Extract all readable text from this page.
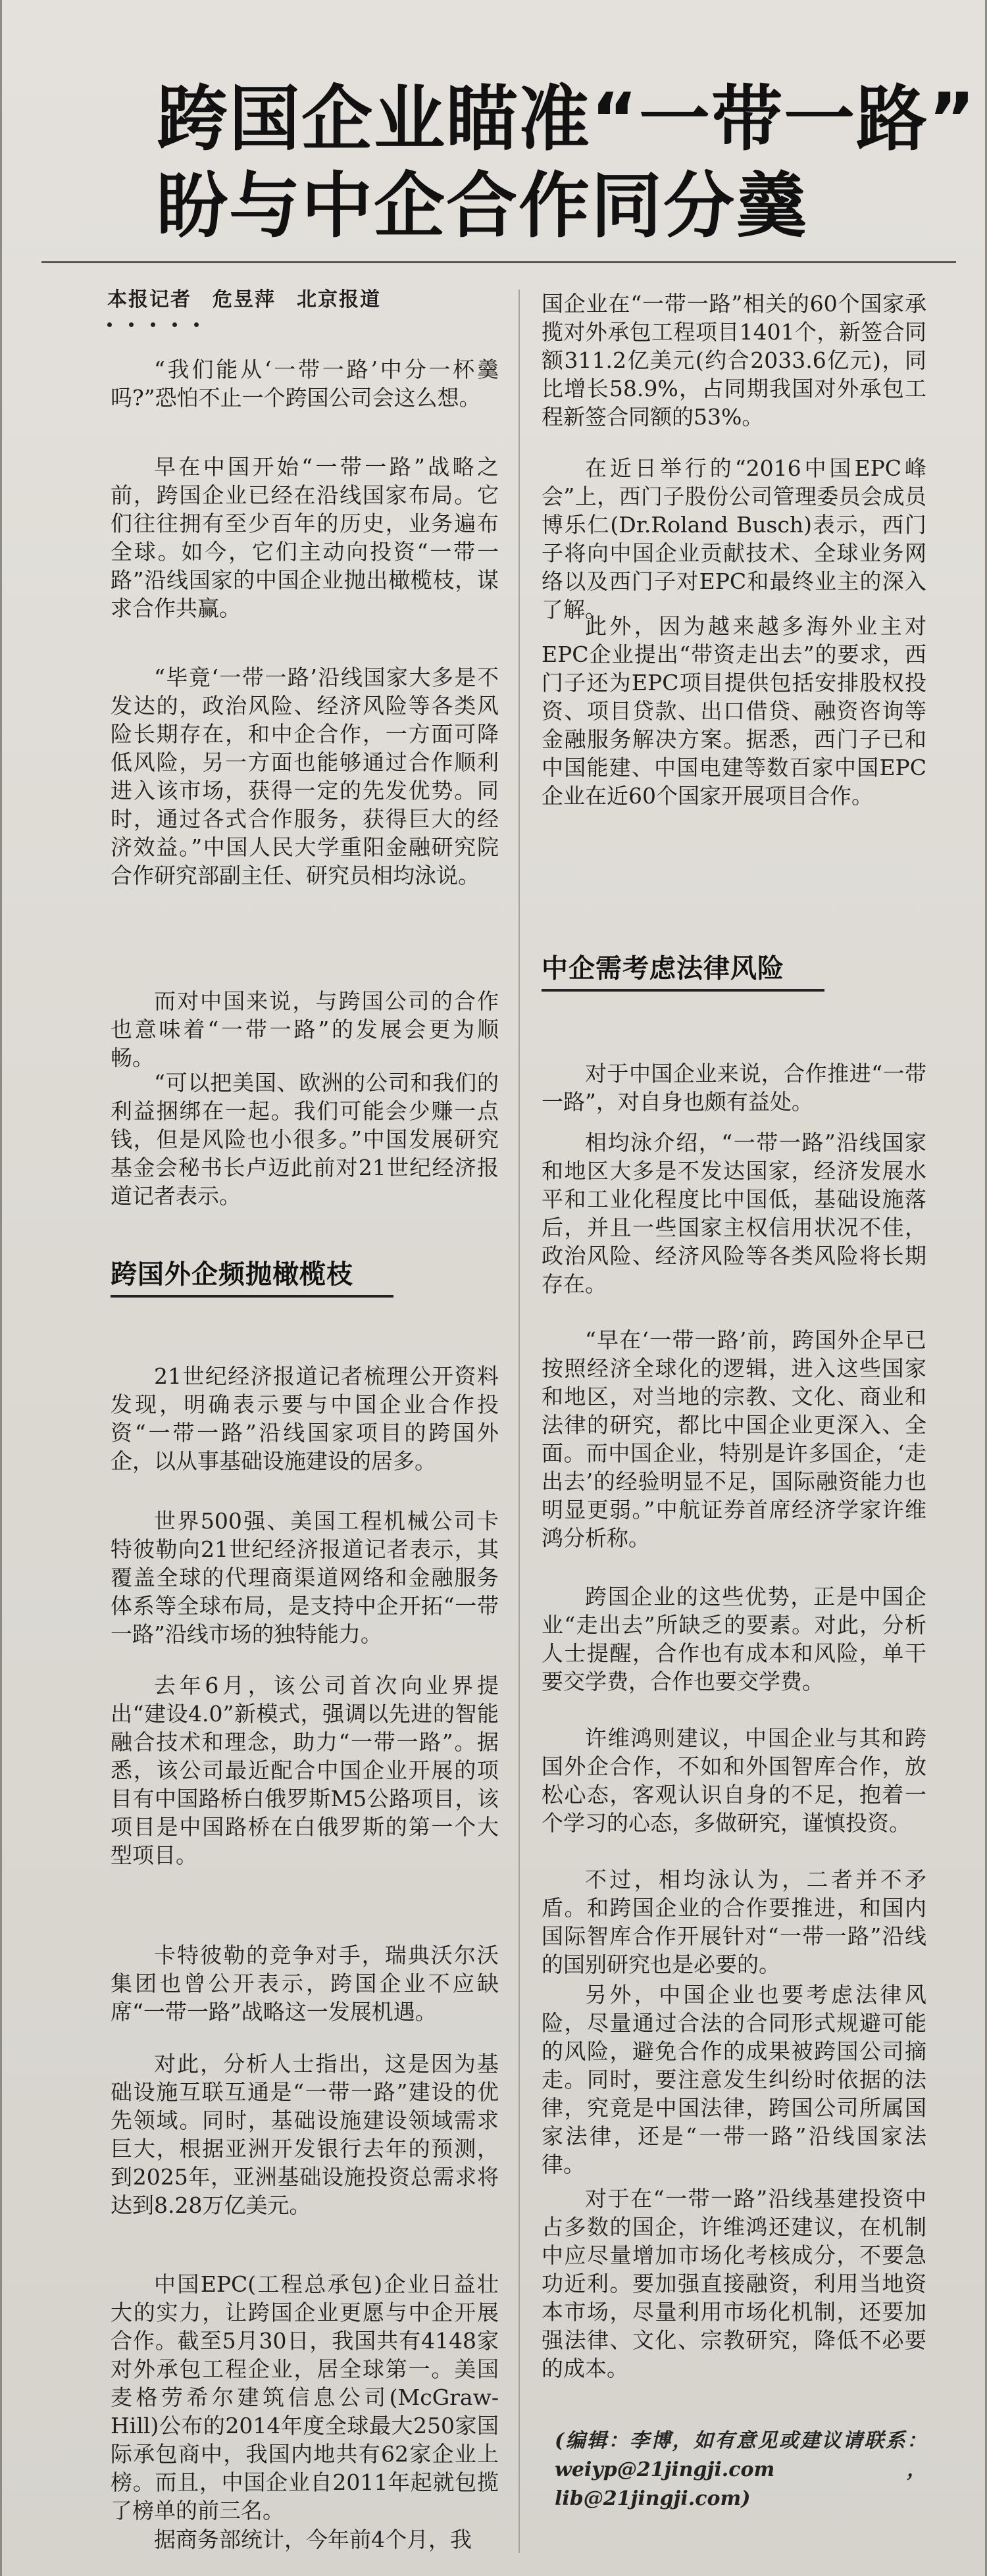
跨国企业瞄准“一带一路”
盼与中企合作同分羹
本报记者　危昱萍　北京报道
“我们能从‘一带一路’中分一杯羹吗?”恐怕不止一个跨国公司会这么想。
早在中国开始“一带一路”战略之前，跨国企业已经在沿线国家布局。它们往往拥有至少百年的历史，业务遍布全球。如今，它们主动向投资“一带一路”沿线国家的中国企业抛出橄榄枝，谋求合作共赢。
“毕竟‘一带一路’沿线国家大多是不发达的，政治风险、经济风险等各类风险长期存在，和中企合作，一方面可降低风险，另一方面也能够通过合作顺利进入该市场，获得一定的先发优势。同时，通过各式合作服务，获得巨大的经济效益。”中国人民大学重阳金融研究院合作研究部副主任、研究员相均泳说。
而对中国来说，与跨国公司的合作也意味着“一带一路”的发展会更为顺畅。
“可以把美国、欧洲的公司和我们的利益捆绑在一起。我们可能会少赚一点钱，但是风险也小很多。”中国发展研究基金会秘书长卢迈此前对21世纪经济报道记者表示。
跨国外企频抛橄榄枝
21世纪经济报道记者梳理公开资料发现，明确表示要与中国企业合作投资“一带一路”沿线国家项目的跨国外企，以从事基础设施建设的居多。
世界500强、美国工程机械公司卡特彼勒向21世纪经济报道记者表示，其覆盖全球的代理商渠道网络和金融服务体系等全球布局，是支持中企开拓“一带一路”沿线市场的独特能力。
去年6月，该公司首次向业界提出“建设4.0”新模式，强调以先进的智能融合技术和理念，助力“一带一路”。据悉，该公司最近配合中国企业开展的项目有中国路桥白俄罗斯M5公路项目，该项目是中国路桥在白俄罗斯的第一个大型项目。
卡特彼勒的竞争对手，瑞典沃尔沃集团也曾公开表示，跨国企业不应缺席“一带一路”战略这一发展机遇。
对此，分析人士指出，这是因为基础设施互联互通是“一带一路”建设的优先领域。同时，基础设施建设领域需求巨大，根据亚洲开发银行去年的预测，到2025年，亚洲基础设施投资总需求将达到8.28万亿美元。
中国EPC(工程总承包)企业日益壮大的实力，让跨国企业更愿与中企开展合作。截至5月30日，我国共有4148家对外承包工程企业，居全球第一。美国麦格劳希尔建筑信息公司(McGraw-Hill)公布的2014年度全球最大250家国际承包商中，我国内地共有62家企业上榜。而且，中国企业自2011年起就包揽了榜单的前三名。
据商务部统计，今年前4个月，我
国企业在“一带一路”相关的60个国家承揽对外承包工程项目1401个，新签合同额311.2亿美元(约合2033.6亿元)，同比增长58.9%，占同期我国对外承包工程新签合同额的53%。
在近日举行的“2016中国EPC峰会”上，西门子股份公司管理委员会成员博乐仁(Dr.Roland Busch)表示，西门子将向中国企业贡献技术、全球业务网络以及西门子对EPC和最终业主的深入了解。
此外，因为越来越多海外业主对EPC企业提出“带资走出去”的要求，西门子还为EPC项目提供包括安排股权投资、项目贷款、出口借贷、融资咨询等金融服务解决方案。据悉，西门子已和中国能建、中国电建等数百家中国EPC企业在近60个国家开展项目合作。
中企需考虑法律风险
对于中国企业来说，合作推进“一带一路”，对自身也颇有益处。
相均泳介绍，“一带一路”沿线国家和地区大多是不发达国家，经济发展水平和工业化程度比中国低，基础设施落后，并且一些国家主权信用状况不佳，政治风险、经济风险等各类风险将长期存在。
“早在‘一带一路’前，跨国外企早已按照经济全球化的逻辑，进入这些国家和地区，对当地的宗教、文化、商业和法律的研究，都比中国企业更深入、全面。而中国企业，特别是许多国企，‘走出去’的经验明显不足，国际融资能力也明显更弱。”中航证券首席经济学家许维鸿分析称。
跨国企业的这些优势，正是中国企业“走出去”所缺乏的要素。对此，分析人士提醒，合作也有成本和风险，单干要交学费，合作也要交学费。
许维鸿则建议，中国企业与其和跨国外企合作，不如和外国智库合作，放松心态，客观认识自身的不足，抱着一个学习的心态，多做研究，谨慎投资。
不过，相均泳认为，二者并不矛盾。和跨国企业的合作要推进，和国内国际智库合作开展针对“一带一路”沿线的国别研究也是必要的。
另外，中国企业也要考虑法律风险，尽量通过合法的合同形式规避可能的风险，避免合作的成果被跨国公司摘走。同时，要注意发生纠纷时依据的法律，究竟是中国法律，跨国公司所属国家法律，还是“一带一路”沿线国家法律。
对于在“一带一路”沿线基建投资中占多数的国企，许维鸿还建议，在机制中应尽量增加市场化考核成分，不要急功近利。要加强直接融资，利用当地资本市场，尽量利用市场化机制，还要加强法律、文化、宗教研究，降低不必要的成本。
(编辑：李博，如有意见或建议请联系：weiyp@21jingji.com，lib@21jingji.com)
